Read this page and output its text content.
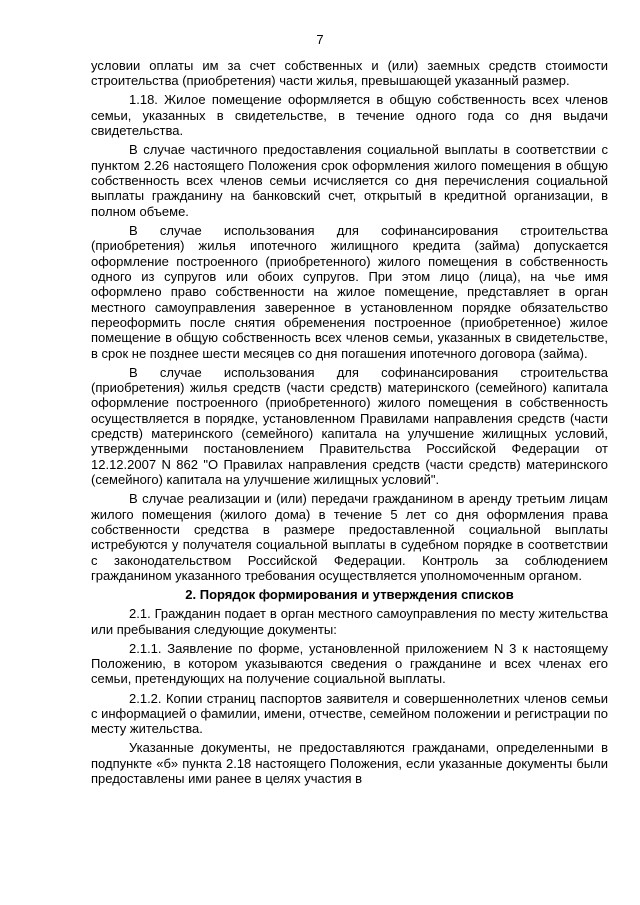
7

условии оплаты им за счет собственных и (или) заемных средств стоимости строительства (приобретения) части жилья, превышающей указанный размер.

1.18. Жилое помещение оформляется в общую собственность всех членов семьи, указанных в свидетельстве, в течение одного года со дня выдачи свидетельства.

В случае частичного предоставления социальной выплаты в соответствии с пунктом 2.26 настоящего Положения срок оформления жилого помещения в общую собственность всех членов семьи исчисляется со дня перечисления социальной выплаты гражданину на банковский счет, открытый в кредитной организации, в полном объеме.

В случае использования для софинансирования строительства (приобретения) жилья ипотечного жилищного кредита (займа) допускается оформление построенного (приобретенного) жилого помещения в собственность одного из супругов или обоих супругов. При этом лицо (лица), на чье имя оформлено право собственности на жилое помещение, представляет в орган местного самоуправления заверенное в установленном порядке обязательство переоформить после снятия обременения построенное (приобретенное) жилое помещение в общую собственность всех членов семьи, указанных в свидетельстве, в срок не позднее шести месяцев со дня погашения ипотечного договора (займа).

В случае использования для софинансирования строительства (приобретения) жилья средств (части средств) материнского (семейного) капитала оформление построенного (приобретенного) жилого помещения в собственность осуществляется в порядке, установленном Правилами направления средств (части средств) материнского (семейного) капитала на улучшение жилищных условий, утвержденными постановлением Правительства Российской Федерации от 12.12.2007 N 862 "О Правилах направления средств (части средств) материнского (семейного) капитала на улучшение жилищных условий".

В случае реализации и (или) передачи гражданином в аренду третьим лицам жилого помещения (жилого дома) в течение 5 лет со дня оформления права собственности средства в размере предоставленной социальной выплаты истребуются у получателя социальной выплаты в судебном порядке в соответствии с законодательством Российской Федерации. Контроль за соблюдением гражданином указанного требования осуществляется уполномоченным органом.

2. Порядок формирования и утверждения списков

2.1. Гражданин подает в орган местного самоуправления по месту жительства или пребывания следующие документы:

2.1.1. Заявление по форме, установленной приложением N 3 к настоящему Положению, в котором указываются сведения о гражданине и всех членах его семьи, претендующих на получение социальной выплаты.

2.1.2. Копии страниц паспортов заявителя и совершеннолетних членов семьи с информацией о фамилии, имени, отчестве, семейном положении и регистрации по месту жительства.

Указанные документы, не предоставляются гражданами, определенными в подпункте «б» пункта 2.18 настоящего Положения, если указанные документы были предоставлены ими ранее в целях участия в
